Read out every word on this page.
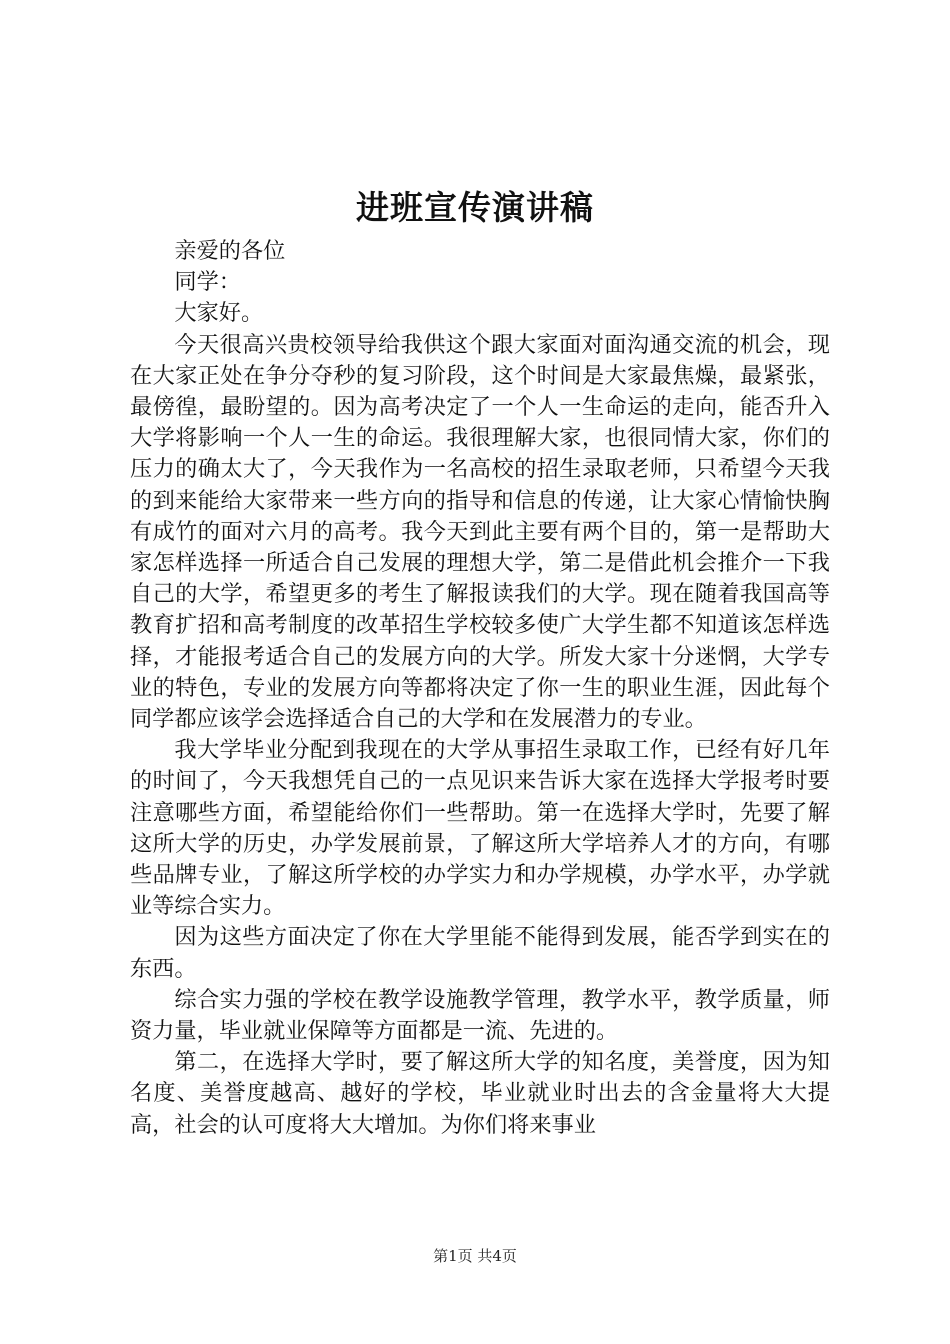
进班宣传演讲稿

亲爱的各位

同学：

大家好。

今天很高兴贵校领导给我供这个跟大家面对面沟通交流的机会，现在大家正处在争分夺秒的复习阶段，这个时间是大家最焦燥，最紧张，最傍徨，最盼望的。因为高考决定了一个人一生命运的走向，能否升入大学将影响一个人一生的命运。我很理解大家，也很同情大家，你们的压力的确太大了，今天我作为一名高校的招生录取老师，只希望今天我的到来能给大家带来一些方向的指导和信息的传递，让大家心情愉快胸有成竹的面对六月的高考。我今天到此主要有两个目的，第一是帮助大家怎样选择一所适合自己发展的理想大学，第二是借此机会推介一下我自己的大学，希望更多的考生了解报读我们的大学。现在随着我国高等教育扩招和高考制度的改革招生学校较多使广大学生都不知道该怎样选择，才能报考适合自己的发展方向的大学。所发大家十分迷惘，大学专业的特色，专业的发展方向等都将决定了你一生的职业生涯，因此每个同学都应该学会选择适合自己的大学和在发展潜力的专业。

我大学毕业分配到我现在的大学从事招生录取工作，已经有好几年的时间了，今天我想凭自己的一点见识来告诉大家在选择大学报考时要注意哪些方面，希望能给你们一些帮助。第一在选择大学时，先要了解这所大学的历史，办学发展前景，了解这所大学培养人才的方向，有哪些品牌专业，了解这所学校的办学实力和办学规模，办学水平，办学就业等综合实力。

因为这些方面决定了你在大学里能不能得到发展，能否学到实在的东西。

综合实力强的学校在教学设施教学管理，教学水平，教学质量，师资力量，毕业就业保障等方面都是一流、先进的。

第二，在选择大学时，要了解这所大学的知名度，美誉度，因为知名度、美誉度越高、越好的学校，毕业就业时出去的含金量将大大提高，社会的认可度将大大增加。为你们将来事业

第1页 共4页
